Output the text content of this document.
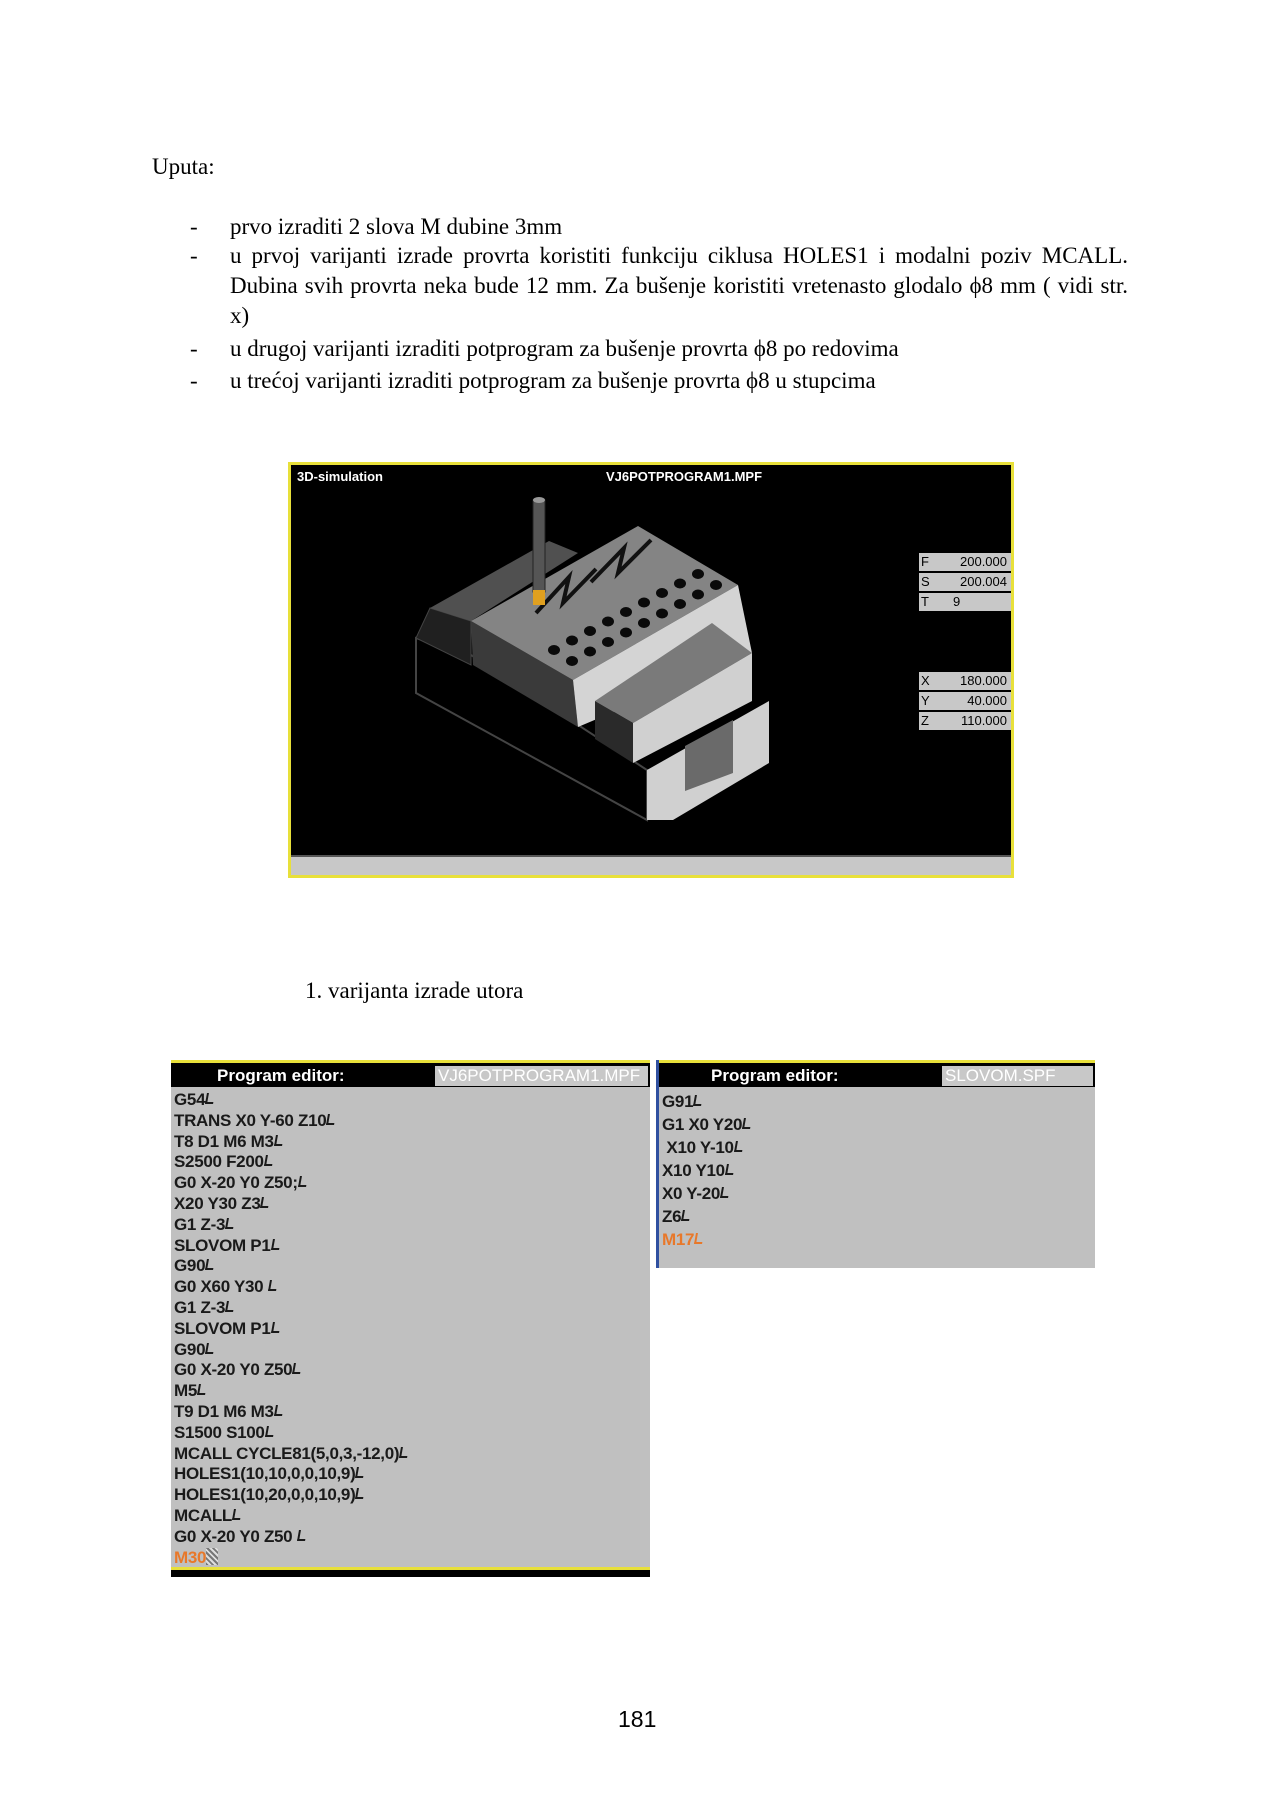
Uputa:
- prvo izraditi 2 slova M dubine 3mm
- u prvoj varijanti izrade provrta koristiti funkciju ciklusa HOLES1 i modalni poziv MCALL. Dubina svih provrta neka bude 12 mm. Za bušenje koristiti vretenasto glodalo ϕ8 mm ( vidi str. x)
- u drugoj varijanti izraditi potprogram za bušenje provrta ϕ8 po redovima
- u trećoj varijanti izraditi potprogram za bušenje provrta ϕ8 u stupcima
3D-simulation	VJ6POTPROGRAM1.MPF
F 200.000
S 200.004
T 9
X 180.000
Y	40.000
Z 110.000
1. varijanta izrade utora
Program editor:	VJ6POTPROGRAM1.MPF
G54
TRANS X0 Y-60 Z10
T8 D1 M6 M3
S2500 F200
G0 X-20 Y0 Z50;
X20 Y30 Z3
G1 Z-3
SLOVOM P1
G90
G0 X60 Y30
G1 Z-3
SLOVOM P1
G90
G0 X-20 Y0 Z50
M5
T9 D1 M6 M3
S1500 S100
MCALL CYCLE81(5,0,3,-12,0)
HOLES1(10,10,0,0,10,9)
HOLES1(10,20,0,0,10,9)
MCALL
G0 X-20 Y0 Z50
M30
Program editor:	SLOVOM.SPF
G91
G1 X0 Y20
X10 Y-10
X10 Y10
X0 Y-20
Z6
M17
181
